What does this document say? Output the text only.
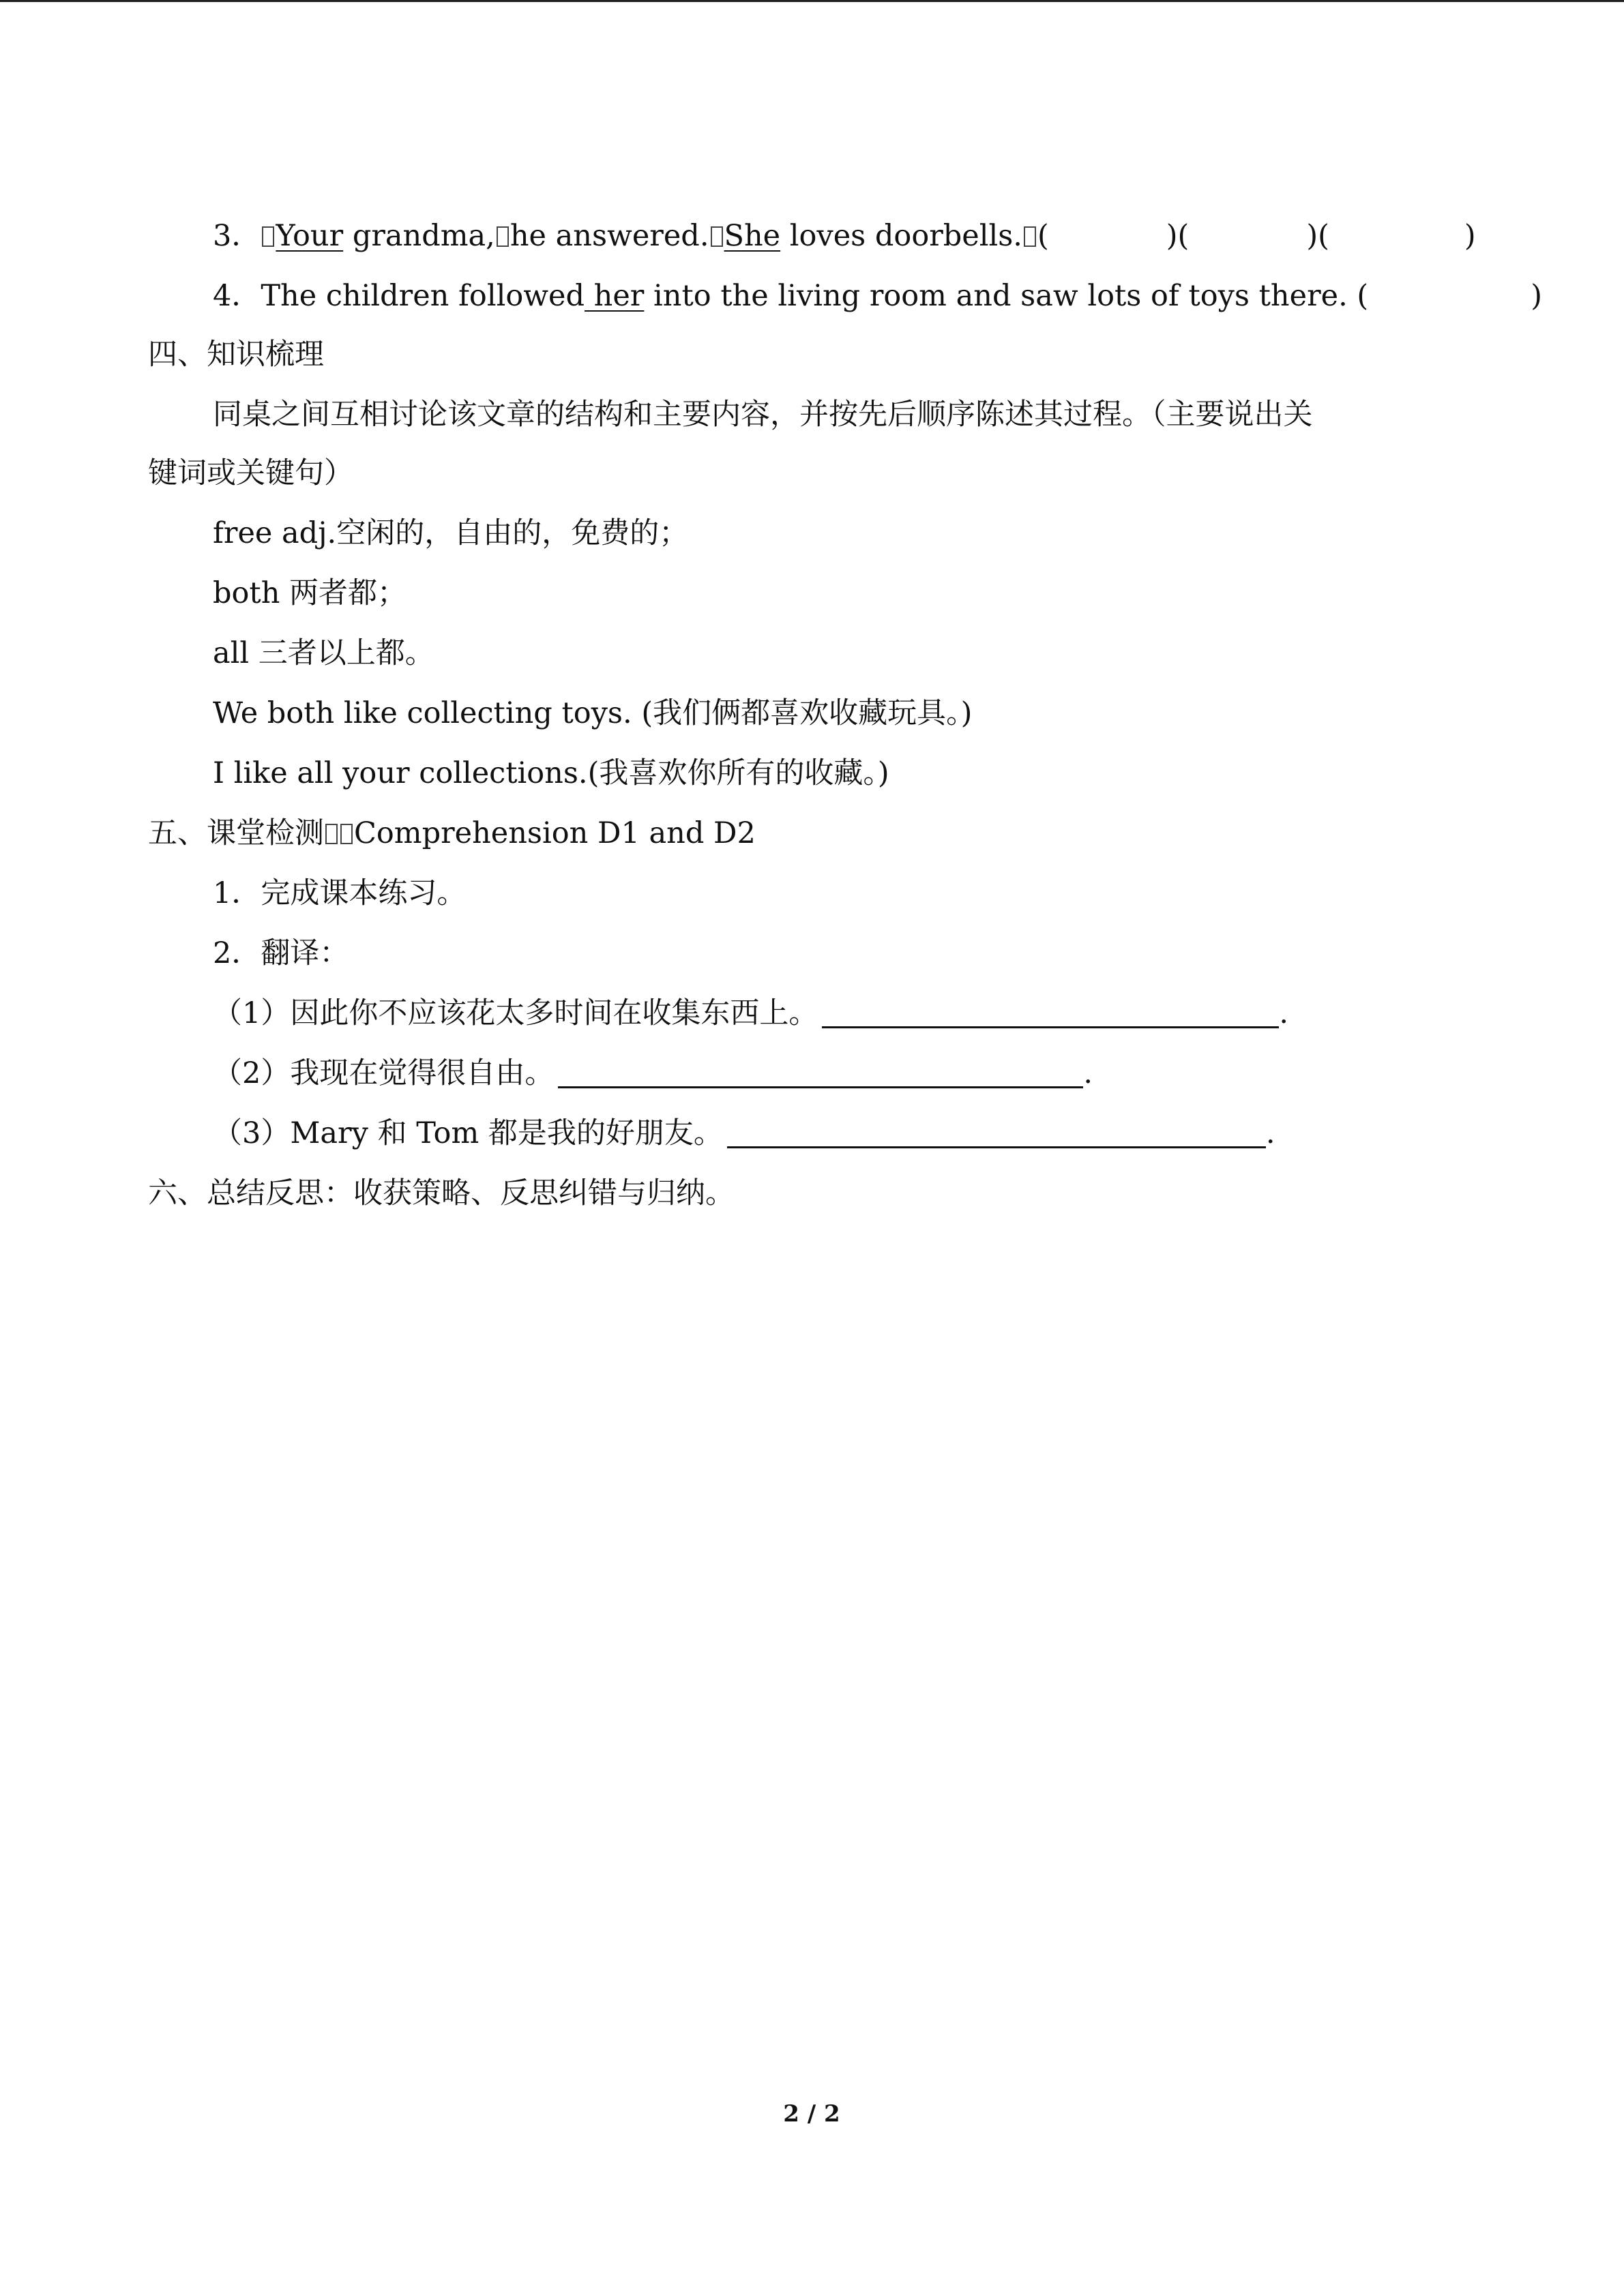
3． Your grandma, he answered. She loves doorbells. (	)(	)(	)
4．The children followed her into the living room and saw lots of toys there. (	)
四、知识梳理
同桌之间互相讨论该文章的结构和主要内容，并按先后顺序陈述其过程。（主要说出关
键词或关键句）
free adj.空闲的，自由的，免费的；
both 两者都；
all 三者以上都。
We both like collecting toys. (我们俩都喜欢收藏玩具。)
I like all your collections.(我喜欢你所有的收藏。)
五、课堂检测 Comprehension D1 and D2
1．完成课本练习。
2．翻译：
（1）因此你不应该花太多时间在收集东西上。	.
（2）我现在觉得很自由。	.
（3）Mary 和 Tom 都是我的好朋友。	.
六、总结反思：收获策略、反思纠错与归纳。
2 / 2
